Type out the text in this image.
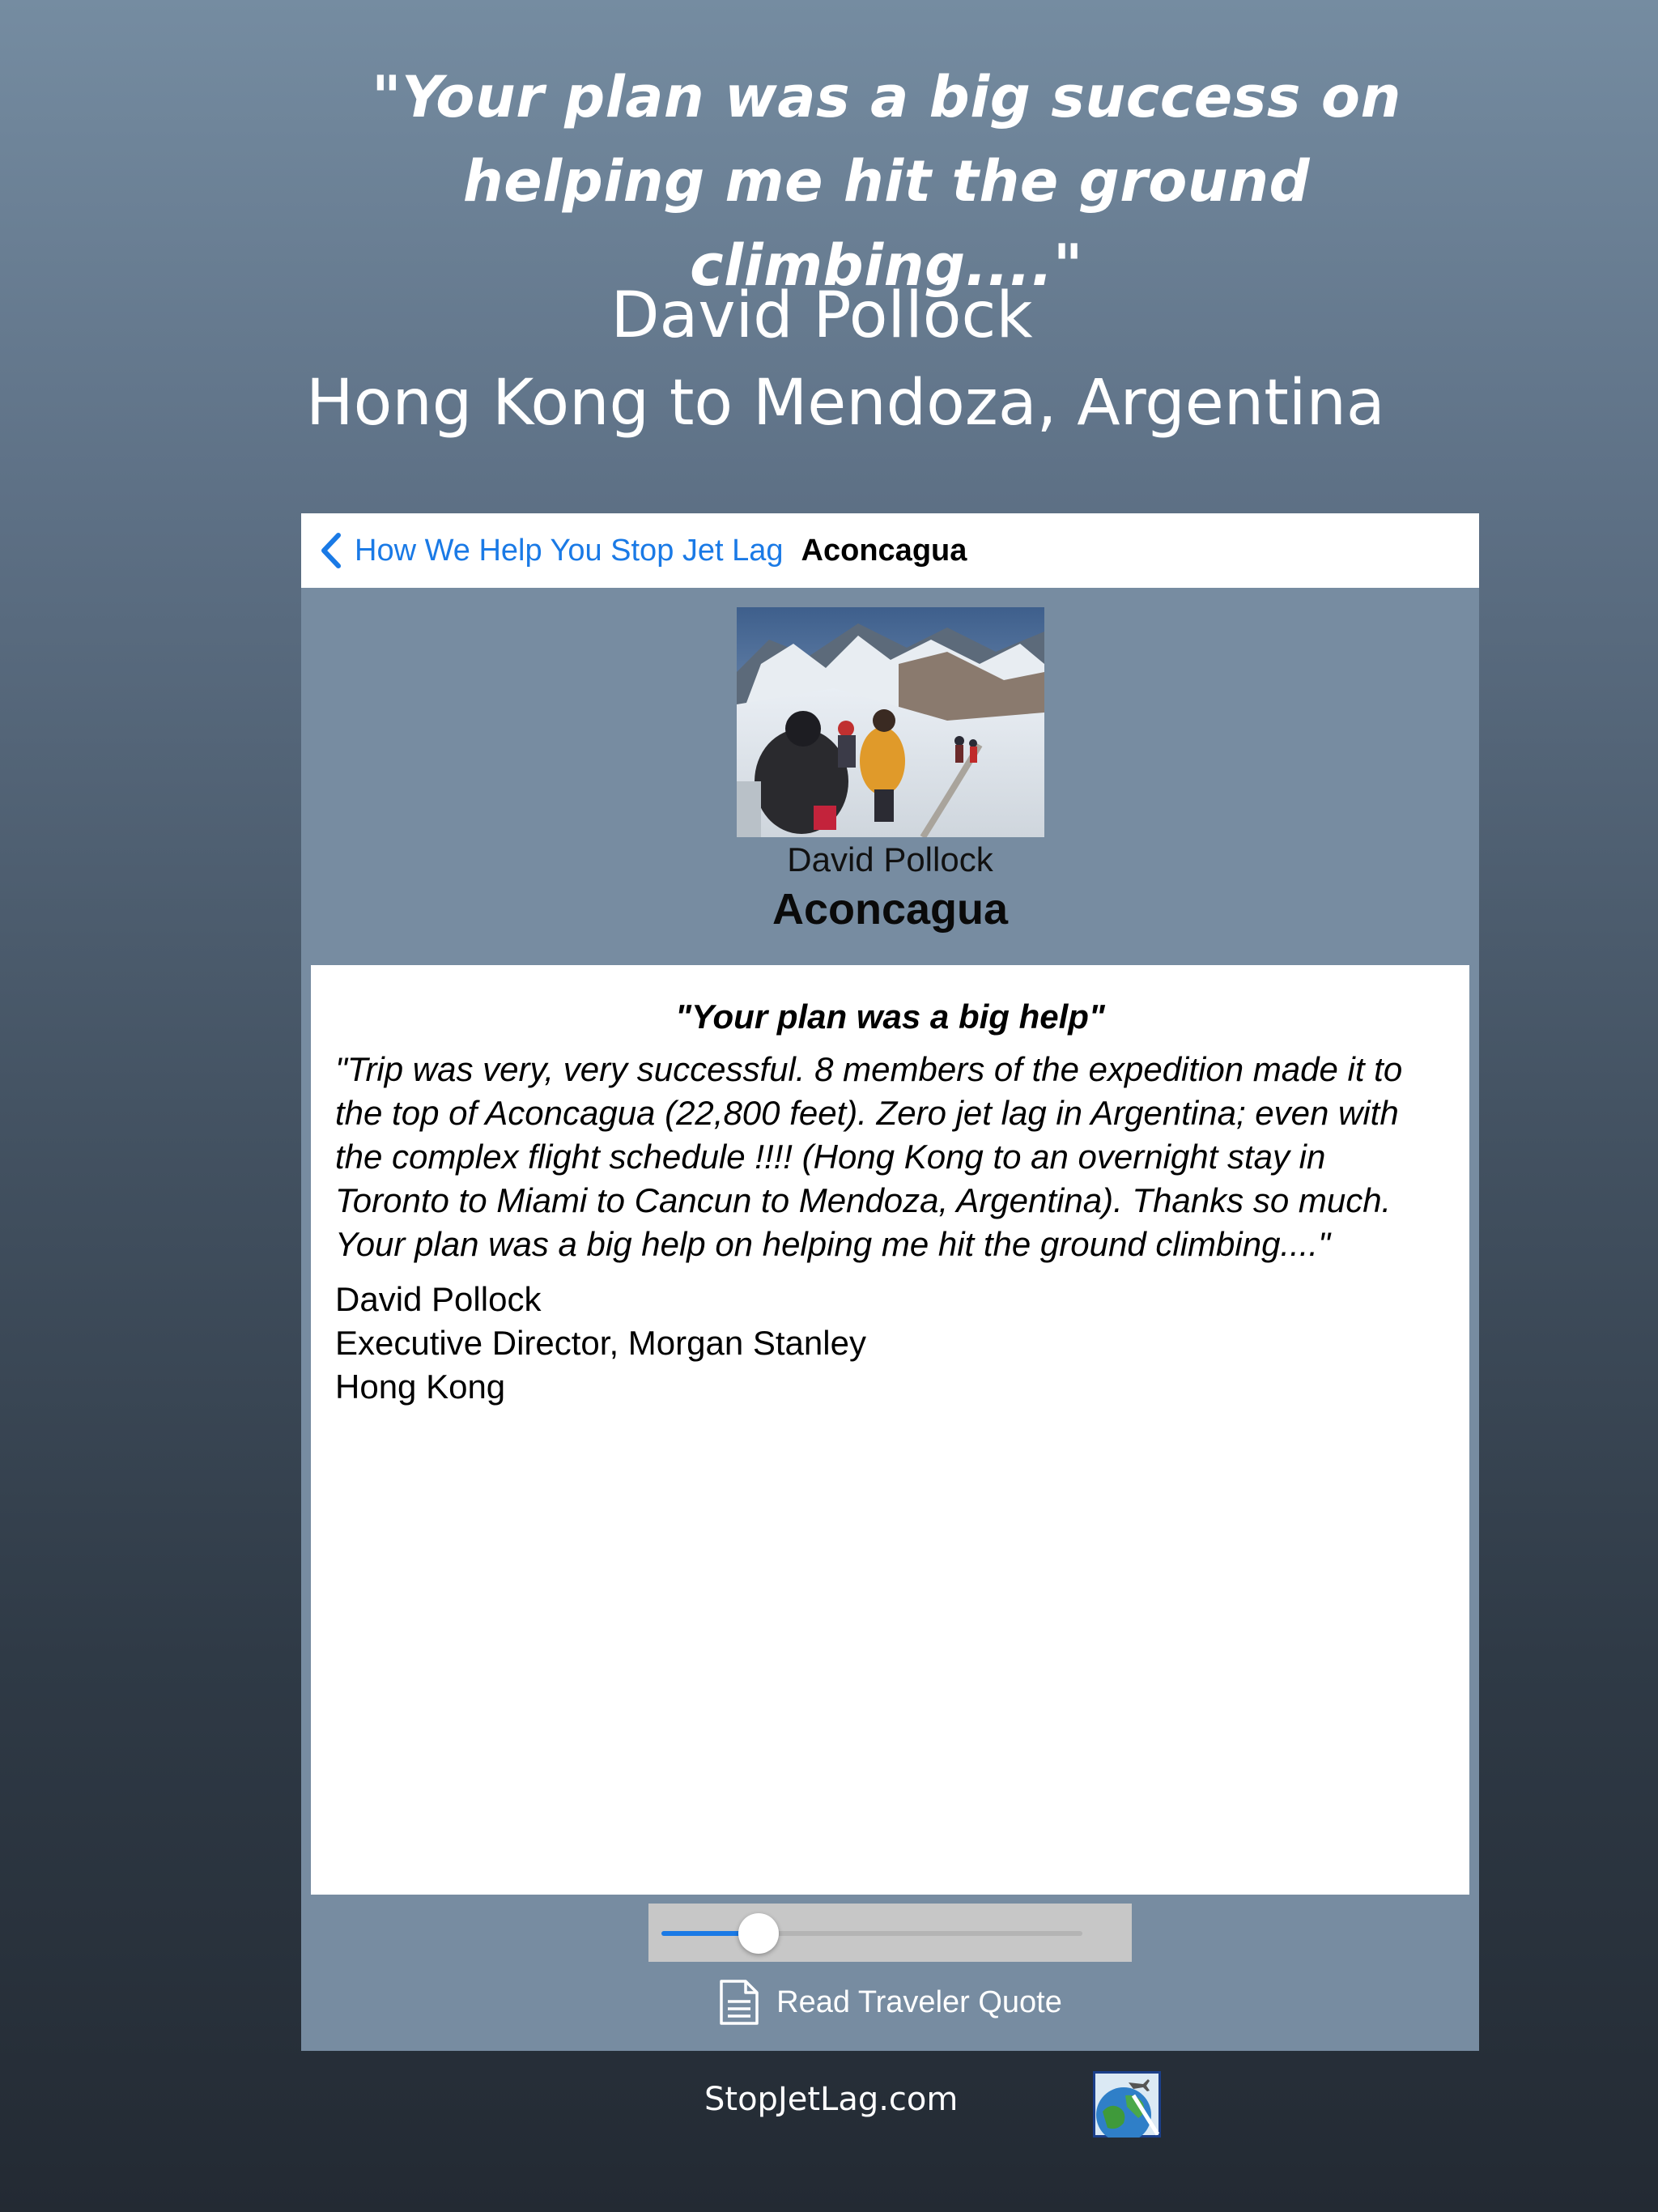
"Your plan was a big success on helping me hit the ground climbing...."
David Pollock
Hong Kong to Mendoza, Argentina
How We Help You Stop Jet Lag Aconcagua
David Pollock
Aconcagua
"Your plan was a big help"
"Trip was very, very successful. 8 members of the expedition made it to the top of Aconcagua (22,800 feet). Zero jet lag in Argentina; even with the complex flight schedule !!!! (Hong Kong to an overnight stay in Toronto to Miami to Cancun to Mendoza, Argentina). Thanks so much. Your plan was a big help on helping me hit the ground climbing...."
David Pollock
Executive Director, Morgan Stanley
Hong Kong
Read Traveler Quote
StopJetLag.com
